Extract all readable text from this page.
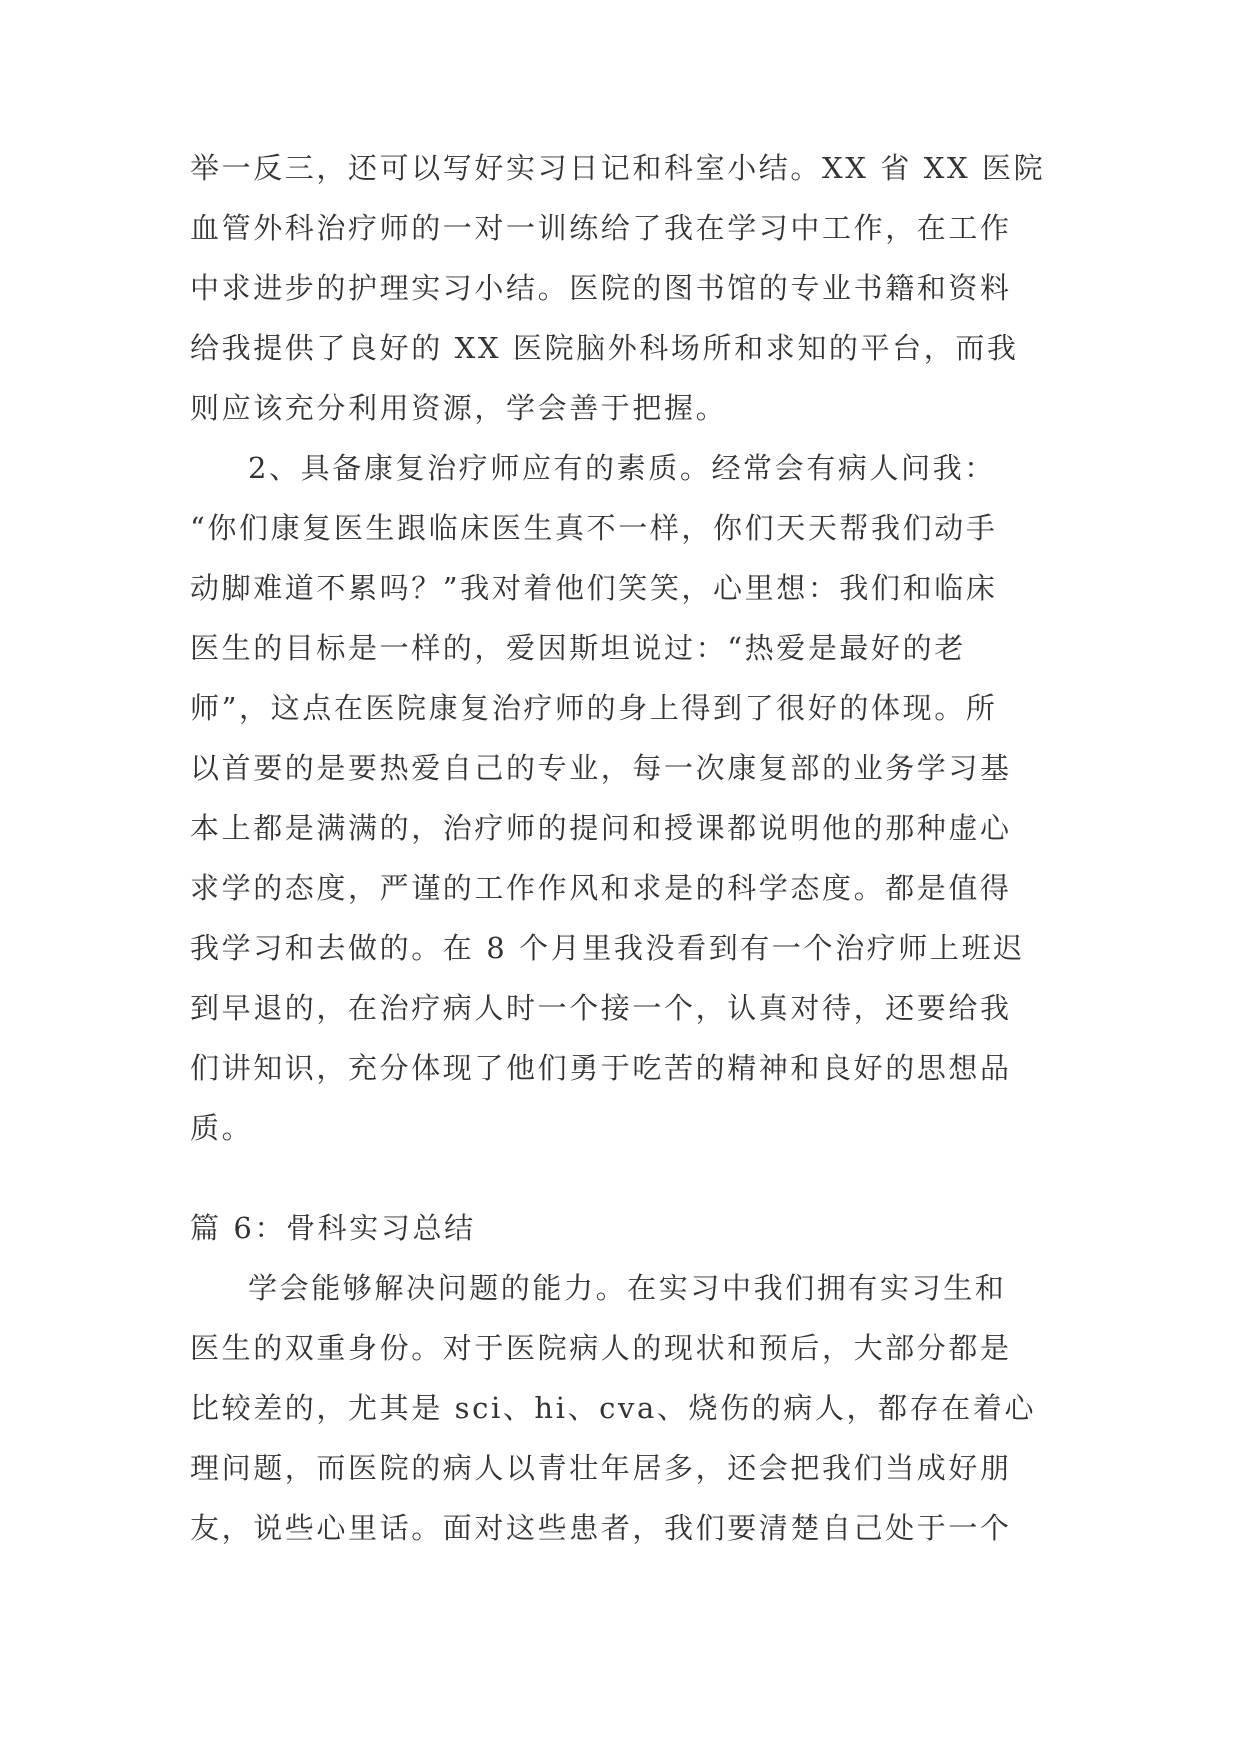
举一反三，还可以写好实习日记和科室小结。XX 省 XX 医院
血管外科治疗师的一对一训练给了我在学习中工作，在工作
中求进步的护理实习小结。医院的图书馆的专业书籍和资料
给我提供了良好的 XX 医院脑外科场所和求知的平台，而我
则应该充分利用资源，学会善于把握。
2、具备康复治疗师应有的素质。经常会有病人问我：
“你们康复医生跟临床医生真不一样，你们天天帮我们动手
动脚难道不累吗？”我对着他们笑笑，心里想：我们和临床
医生的目标是一样的，爱因斯坦说过：“热爱是最好的老
师”，这点在医院康复治疗师的身上得到了很好的体现。所
以首要的是要热爱自己的专业，每一次康复部的业务学习基
本上都是满满的，治疗师的提问和授课都说明他的那种虚心
求学的态度，严谨的工作作风和求是的科学态度。都是值得
我学习和去做的。在 8 个月里我没看到有一个治疗师上班迟
到早退的，在治疗病人时一个接一个，认真对待，还要给我
们讲知识，充分体现了他们勇于吃苦的精神和良好的思想品
质。
篇 6：骨科实习总结
学会能够解决问题的能力。在实习中我们拥有实习生和
医生的双重身份。对于医院病人的现状和预后，大部分都是
比较差的，尤其是 sci、hi、cva、烧伤的病人，都存在着心
理问题，而医院的病人以青壮年居多，还会把我们当成好朋
友，说些心里话。面对这些患者，我们要清楚自己处于一个
